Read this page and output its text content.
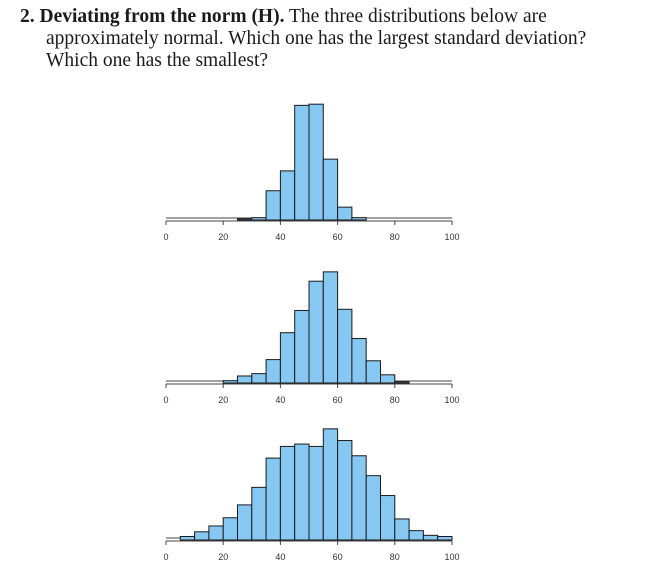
2. Deviating from the norm (H). The three distributions below are
approximately normal. Which one has the largest standard deviation?
Which one has the smallest?
0	20	40	60	80	100
0	20	40	60	80	100
0	20	40	60	80	100
